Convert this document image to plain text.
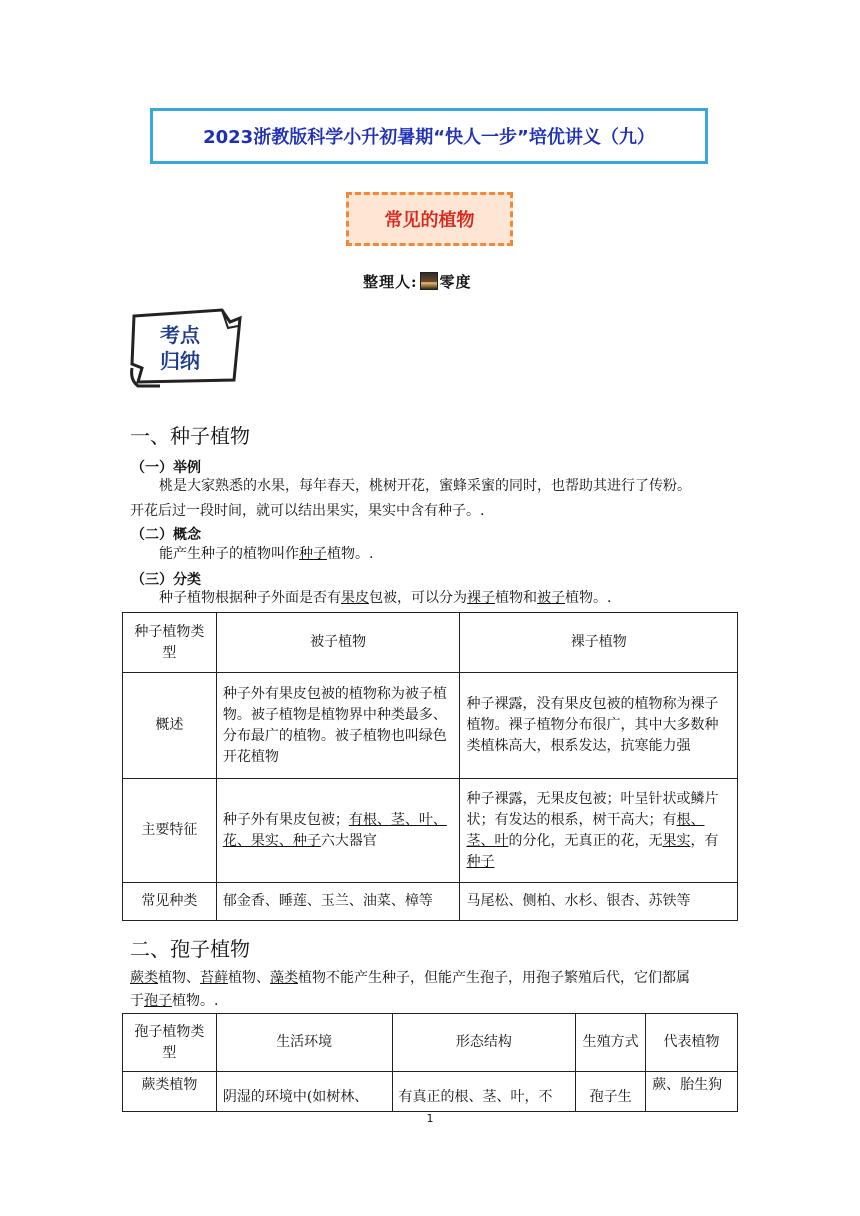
2023浙教版科学小升初暑期“快人一步”培优讲义（九）
常见的植物
整理人: 零度
考点
归纳
一、种子植物
（一）举例
桃是大家熟悉的水果，每年春天，桃树开花，蜜蜂采蜜的同时，也帮助其进行了传粉。
开花后过一段时间，就可以结出果实，果实中含有种子。.
（二）概念
能产生种子的植物叫作种子植物。.
（三）分类
种子植物根据种子外面是否有果皮包被，可以分为裸子植物和被子植物。.
种子植物类型	被子植物	裸子植物
概述	种子外有果皮包被的植物称为被子植物。被子植物是植物界中种类最多、分布最广的植物。被子植物也叫绿色开花植物	种子裸露，没有果皮包被的植物称为裸子植物。裸子植物分布很广，其中大多数种类植株高大，根系发达，抗寒能力强
主要特征	种子外有果皮包被；有根、茎、叶、花、果实、种子六大器官	种子裸露，无果皮包被；叶呈针状或鳞片状；有发达的根系，树干高大；有根、茎、叶的分化，无真正的花，无果实，有种子
常见种类	郁金香、睡莲、玉兰、油菜、樟等	马尾松、侧柏、水杉、银杏、苏铁等
二、孢子植物
蕨类植物、苔藓植物、藻类植物不能产生种子，但能产生孢子，用孢子繁殖后代，它们都属
于孢子植物。.
孢子植物类型	生活环境	形态结构	生殖方式	代表植物
蕨类植物	阴湿的环境中(如树林、	有真正的根、茎、叶，不	孢子生	蕨、胎生狗
1
